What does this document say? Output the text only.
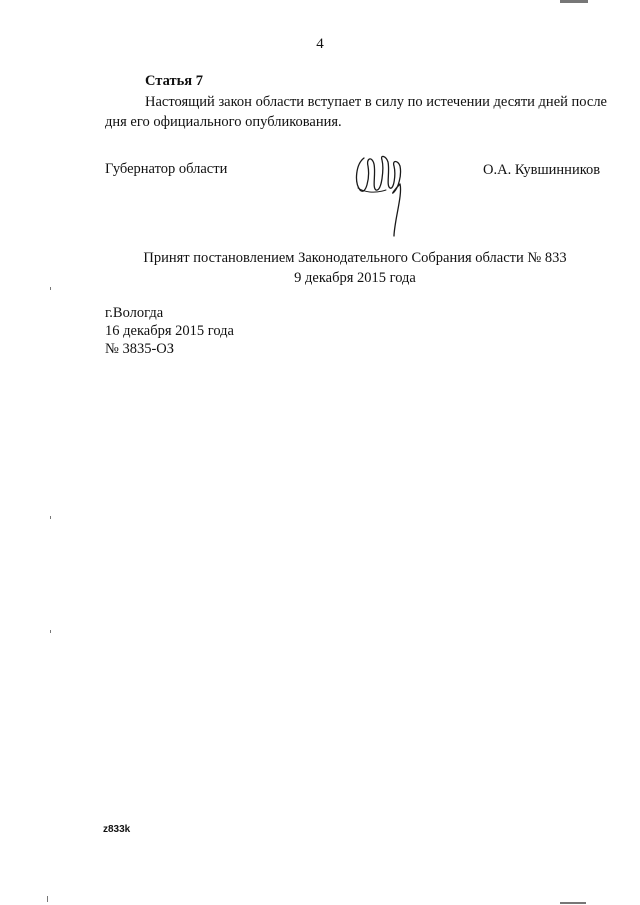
4
Статья 7
Настоящий закон области вступает в силу по истечении десяти дней после дня его официального опубликования.
Губернатор области	О.А. Кувшинников
Принят постановлением Законодательного Собрания области № 833
9 декабря 2015 года
г.Вологда
16 декабря 2015 года
№ 3835-ОЗ
z833k
